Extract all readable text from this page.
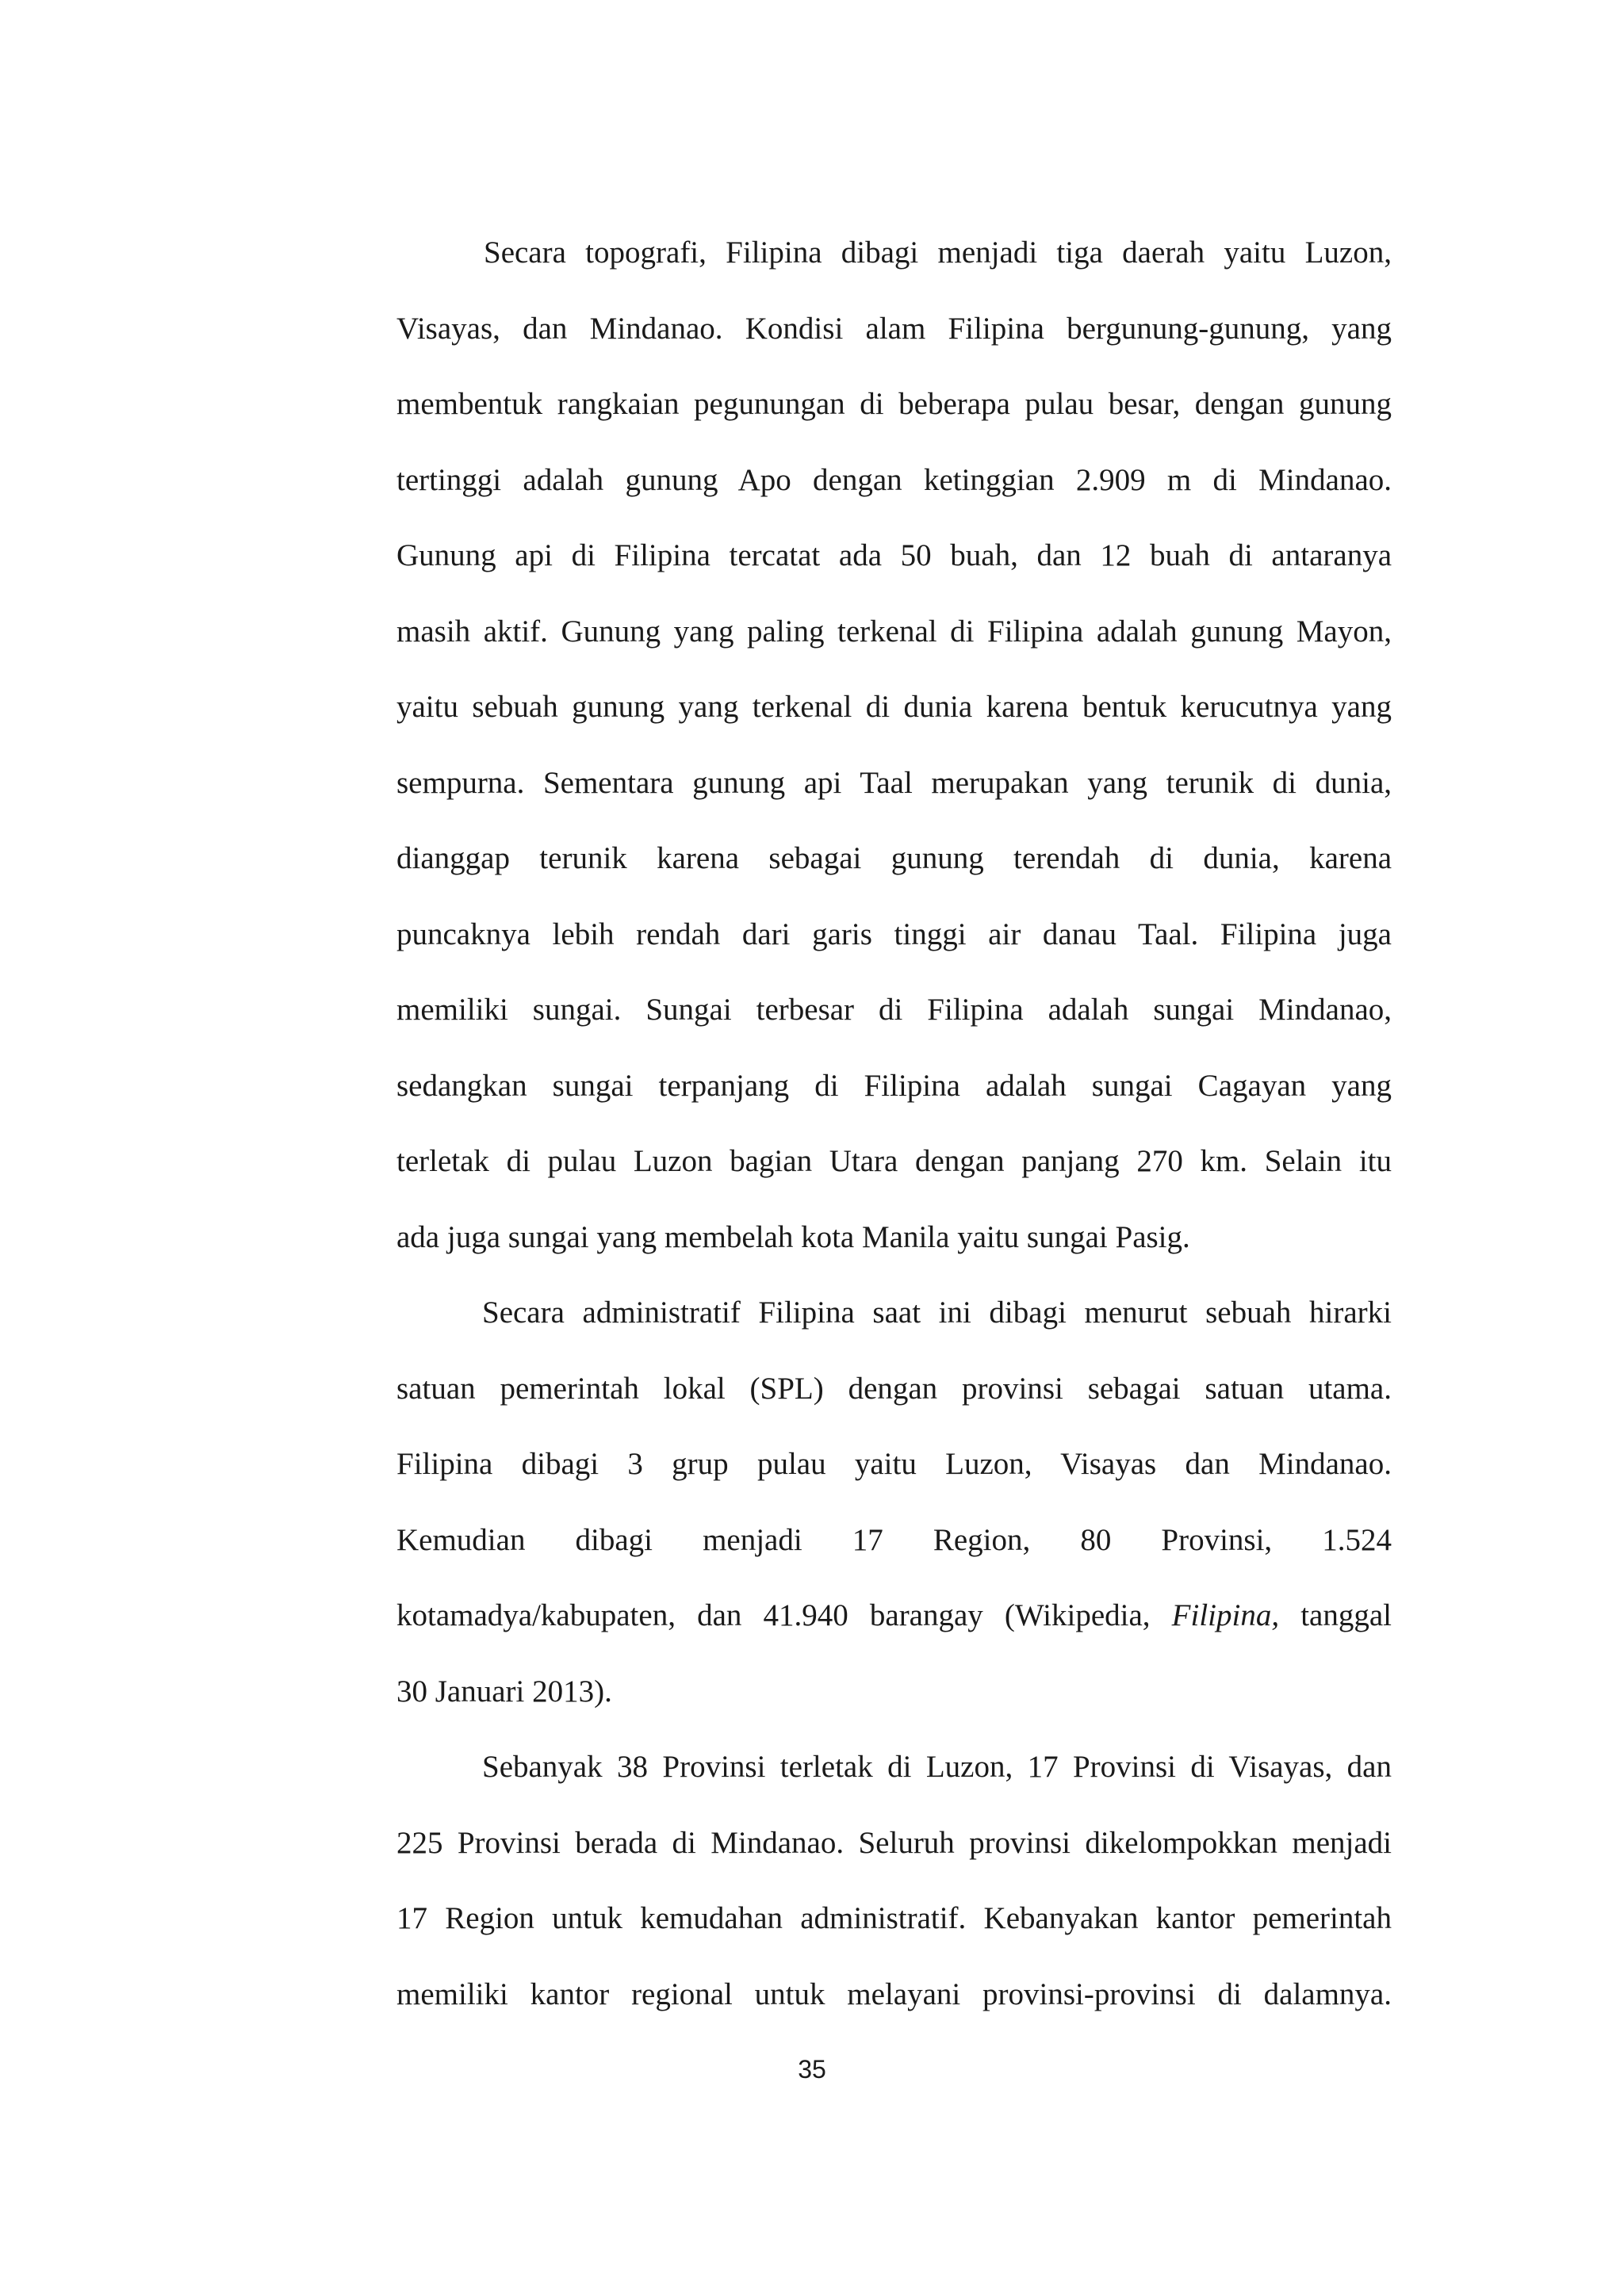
Secara topografi, Filipina dibagi menjadi tiga daerah yaitu Luzon,
Visayas, dan Mindanao. Kondisi alam Filipina bergunung-gunung, yang
membentuk rangkaian pegunungan di beberapa pulau besar, dengan gunung
tertinggi adalah gunung Apo dengan ketinggian 2.909 m di Mindanao.
Gunung api di Filipina tercatat ada 50 buah, dan 12 buah di antaranya
masih aktif. Gunung yang paling terkenal di Filipina adalah gunung Mayon,
yaitu sebuah gunung yang terkenal di dunia karena bentuk kerucutnya yang
sempurna. Sementara gunung api Taal merupakan yang terunik di dunia,
dianggap terunik karena sebagai gunung terendah di dunia, karena
puncaknya lebih rendah dari garis tinggi air danau Taal. Filipina juga
memiliki sungai. Sungai terbesar di Filipina adalah sungai Mindanao,
sedangkan sungai terpanjang di Filipina adalah sungai Cagayan yang
terletak di pulau Luzon bagian Utara dengan panjang 270 km. Selain itu
ada juga sungai yang membelah kota Manila yaitu sungai Pasig.
Secara administratif Filipina saat ini dibagi menurut sebuah hirarki
satuan pemerintah lokal (SPL) dengan provinsi sebagai satuan utama.
Filipina dibagi 3 grup pulau yaitu Luzon, Visayas dan Mindanao.
Kemudian dibagi menjadi 17 Region, 80 Provinsi, 1.524
kotamadya/kabupaten, dan 41.940 barangay (Wikipedia, Filipina, tanggal
30 Januari 2013).
Sebanyak 38 Provinsi terletak di Luzon, 17 Provinsi di Visayas, dan
225 Provinsi berada di Mindanao. Seluruh provinsi dikelompokkan menjadi
17 Region untuk kemudahan administratif. Kebanyakan kantor pemerintah
memiliki kantor regional untuk melayani provinsi-provinsi di dalamnya.
35
